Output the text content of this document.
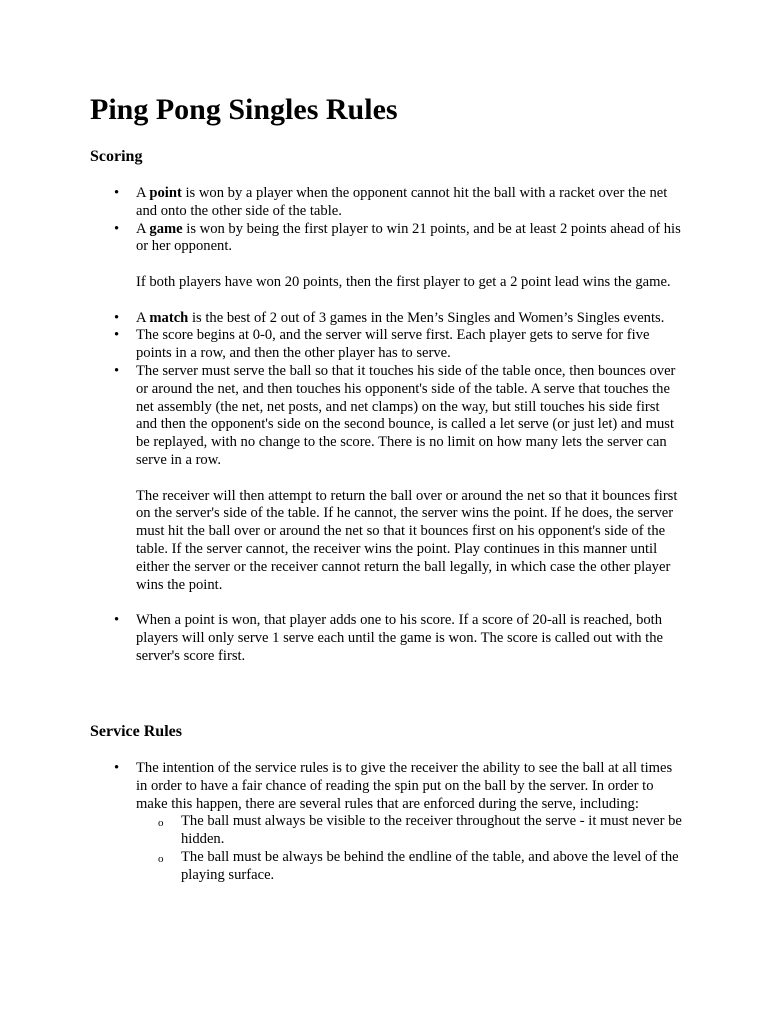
Ping Pong Singles Rules
Scoring
• A point is won by a player when the opponent cannot hit the ball with a racket over the net and onto the other side of the table.
• A game is won by being the first player to win 21 points, and be at least 2 points ahead of his or her opponent.
If both players have won 20 points, then the first player to get a 2 point lead wins the game.
• A match is the best of 2 out of 3 games in the Men’s Singles and Women’s Singles events.
• The score begins at 0-0, and the server will serve first. Each player gets to serve for five points in a row, and then the other player has to serve.
• The server must serve the ball so that it touches his side of the table once, then bounces over or around the net, and then touches his opponent's side of the table. A serve that touches the net assembly (the net, net posts, and net clamps) on the way, but still touches his side first and then the opponent's side on the second bounce, is called a let serve (or just let) and must be replayed, with no change to the score. There is no limit on how many lets the server can serve in a row.
The receiver will then attempt to return the ball over or around the net so that it bounces first on the server's side of the table. If he cannot, the server wins the point. If he does, the server must hit the ball over or around the net so that it bounces first on his opponent's side of the table. If the server cannot, the receiver wins the point. Play continues in this manner until either the server or the receiver cannot return the ball legally, in which case the other player wins the point.
• When a point is won, that player adds one to his score. If a score of 20-all is reached, both players will only serve 1 serve each until the game is won. The score is called out with the server's score first.
Service Rules
• The intention of the service rules is to give the receiver the ability to see the ball at all times in order to have a fair chance of reading the spin put on the ball by the server. In order to make this happen, there are several rules that are enforced during the serve, including:
o The ball must always be visible to the receiver throughout the serve - it must never be hidden.
o The ball must be always be behind the endline of the table, and above the level of the playing surface.
